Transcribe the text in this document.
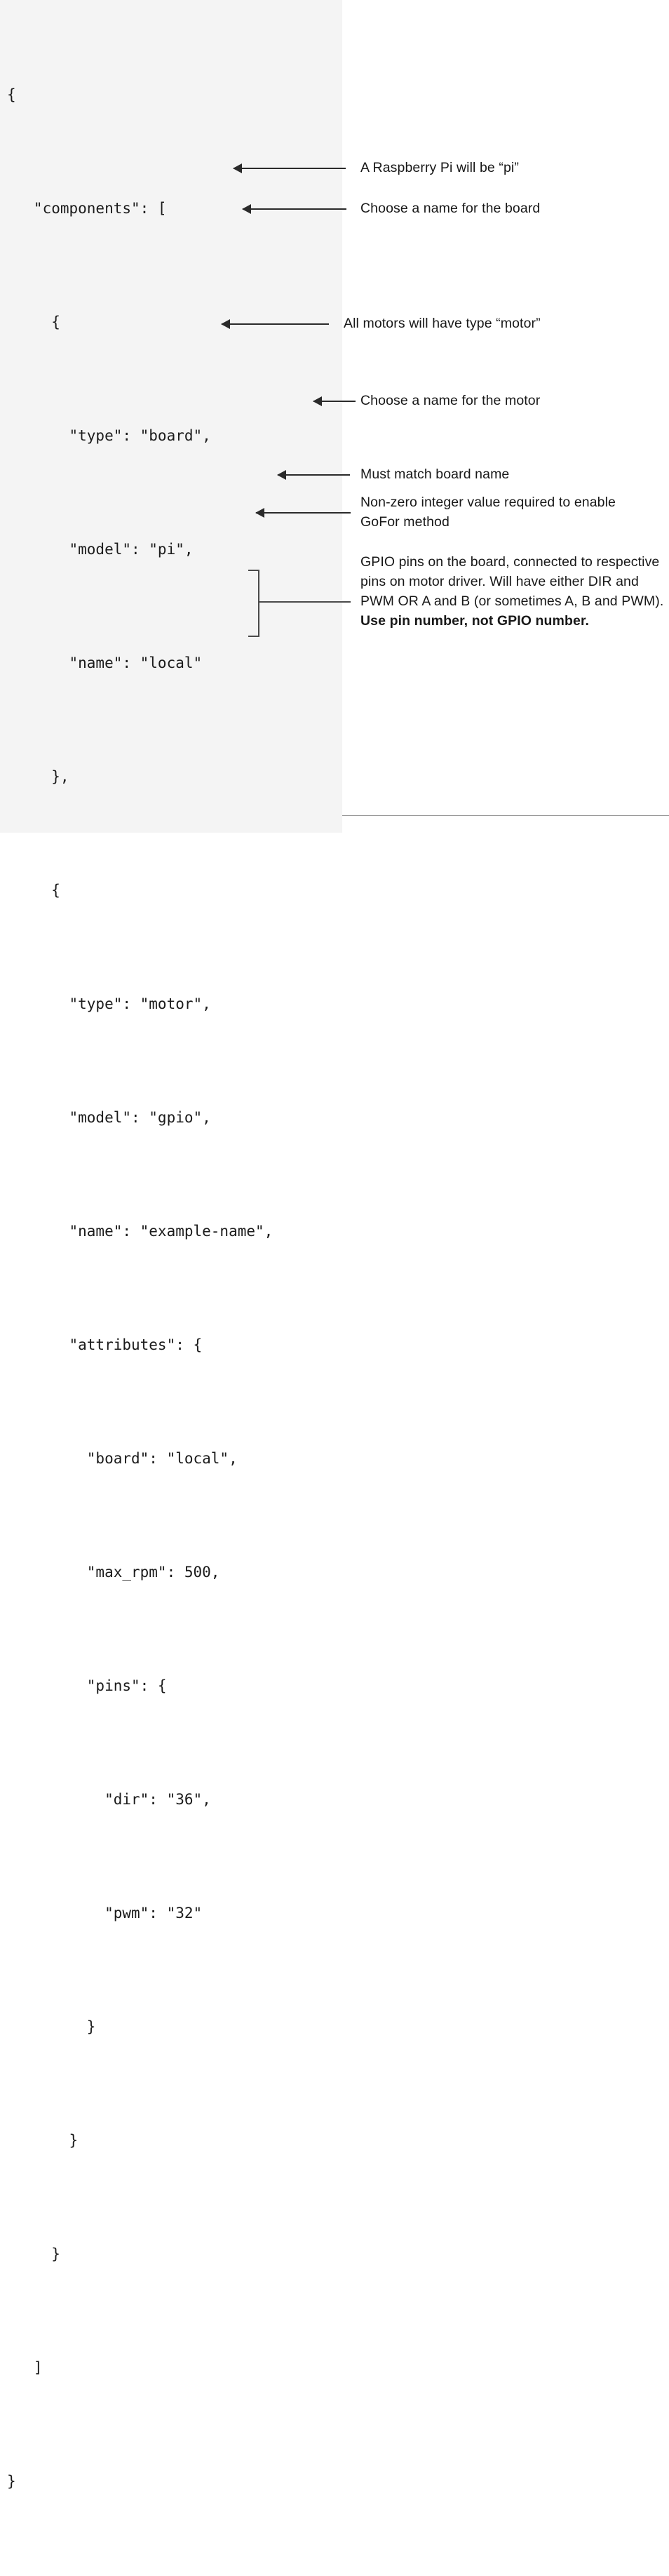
{

"components": [

{

"type": "board",

"model": "pi",

"name": "local"

},

{

"type": "motor",

"model": "gpio",

"name": "example-name",

"attributes": {

"board": "local",

"max_rpm": 500,

"pins": {

"dir": "36",

"pwm": "32"

}

}

}

]

}

A Raspberry Pi will be “pi”
Choose a name for the board
All motors will have type “motor”
Choose a name for the motor
Must match board name
Non-zero integer value required to enable GoFor method
GPIO pins on the board, connected to respective pins on motor driver. Will have either DIR and PWM OR A and B (or sometimes A, B and PWM). Use pin number, not GPIO number.
